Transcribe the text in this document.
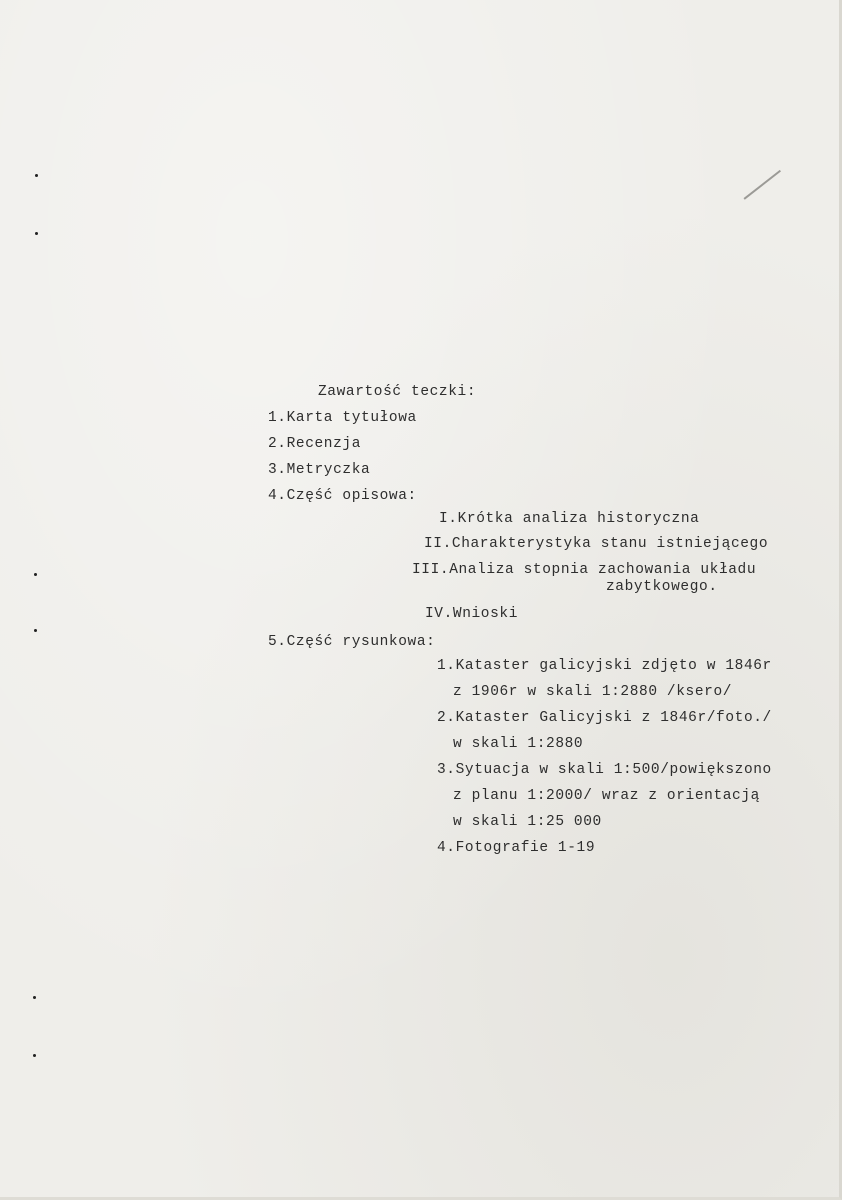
Zawartość teczki:

1.Karta tytułowa

2.Recenzja

3.Metryczka

4.Część opisowa:

I.Krótka analiza historyczna

II.Charakterystyka stanu istniejącego

III.Analiza stopnia zachowania układu

zabytkowego.

IV.Wnioski

5.Część rysunkowa:

1.Kataster galicyjski zdjęto w 1846r

z 1906r w skali 1:2880 /ksero/

2.Kataster Galicyjski z 1846r/foto./

w skali 1:2880

3.Sytuacja w skali 1:500/powiększono

z planu 1:2000/ wraz z orientacją

w skali 1:25 000

4.Fotografie 1-19
